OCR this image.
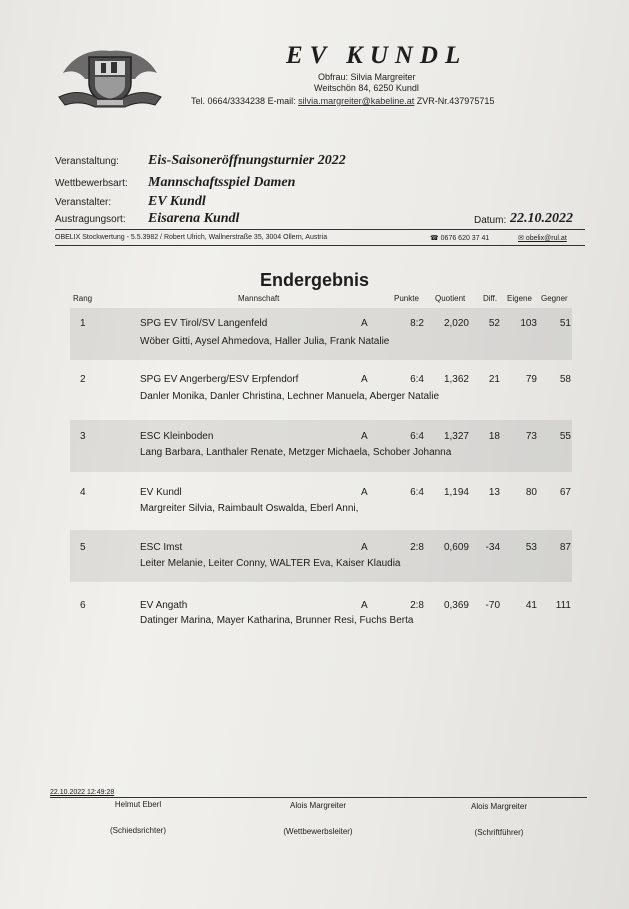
EV KUNDL
Obfrau: Silvia Margreiter
Weitschön 84, 6250 Kundl
Tel. 0664/3334238 E-mail: silvia.margreiter@kabeline.at ZVR-Nr.437975715
Veranstaltung: Eis-Saisoneröffnungsturnier 2022
Wettbewerbsart: Mannschaftsspiel Damen
Veranstalter:	EV Kundl
Austragungsort: Eisarena Kundl	Datum: 22.10.2022
OBELIX Stockwertung - 5.5.3982 / Robert Ulrich, Wallnerstraße 35, 3004 Ollern, Austria	☎ 0676 620 37 41	✉ obelix@rul.at
Endergebnis
Rang	Mannschaft	Punkte Quotient Diff. Eigene Gegner
1	SPG EV Tirol/SV Langenfeld	A	8:2	2,020	52	103	51
Wöber Gitti, Aysel Ahmedova, Haller Julia, Frank Natalie
2	SPG EV Angerberg/ESV Erpfendorf	A	6:4	1,362	21	79	58
Danler Monika, Danler Christina, Lechner Manuela, Aberger Natalie
3	ESC Kleinboden	A	6:4	1,327	18	73	55
Lang Barbara, Lanthaler Renate, Metzger Michaela, Schober Johanna
4	EV Kundl	A	6:4	1,194	13	80	67
Margreiter Silvia, Raimbault Oswalda, Eberl Anni,
5	ESC Imst	A	2:8	0,609	-34	53	87
Leiter Melanie, Leiter Conny, WALTER Eva, Kaiser Klaudia
6	EV Angath	A	2:8	0,369	-70	41	111
Datinger Marina, Mayer Katharina, Brunner Resi, Fuchs Berta
22.10.2022 12:49:28
Helmut Eberl
(Schiedsrichter)
Alois Margreiter
(Wettbewerbsleiter)
Alois Margreiter
(Schriftführer)
